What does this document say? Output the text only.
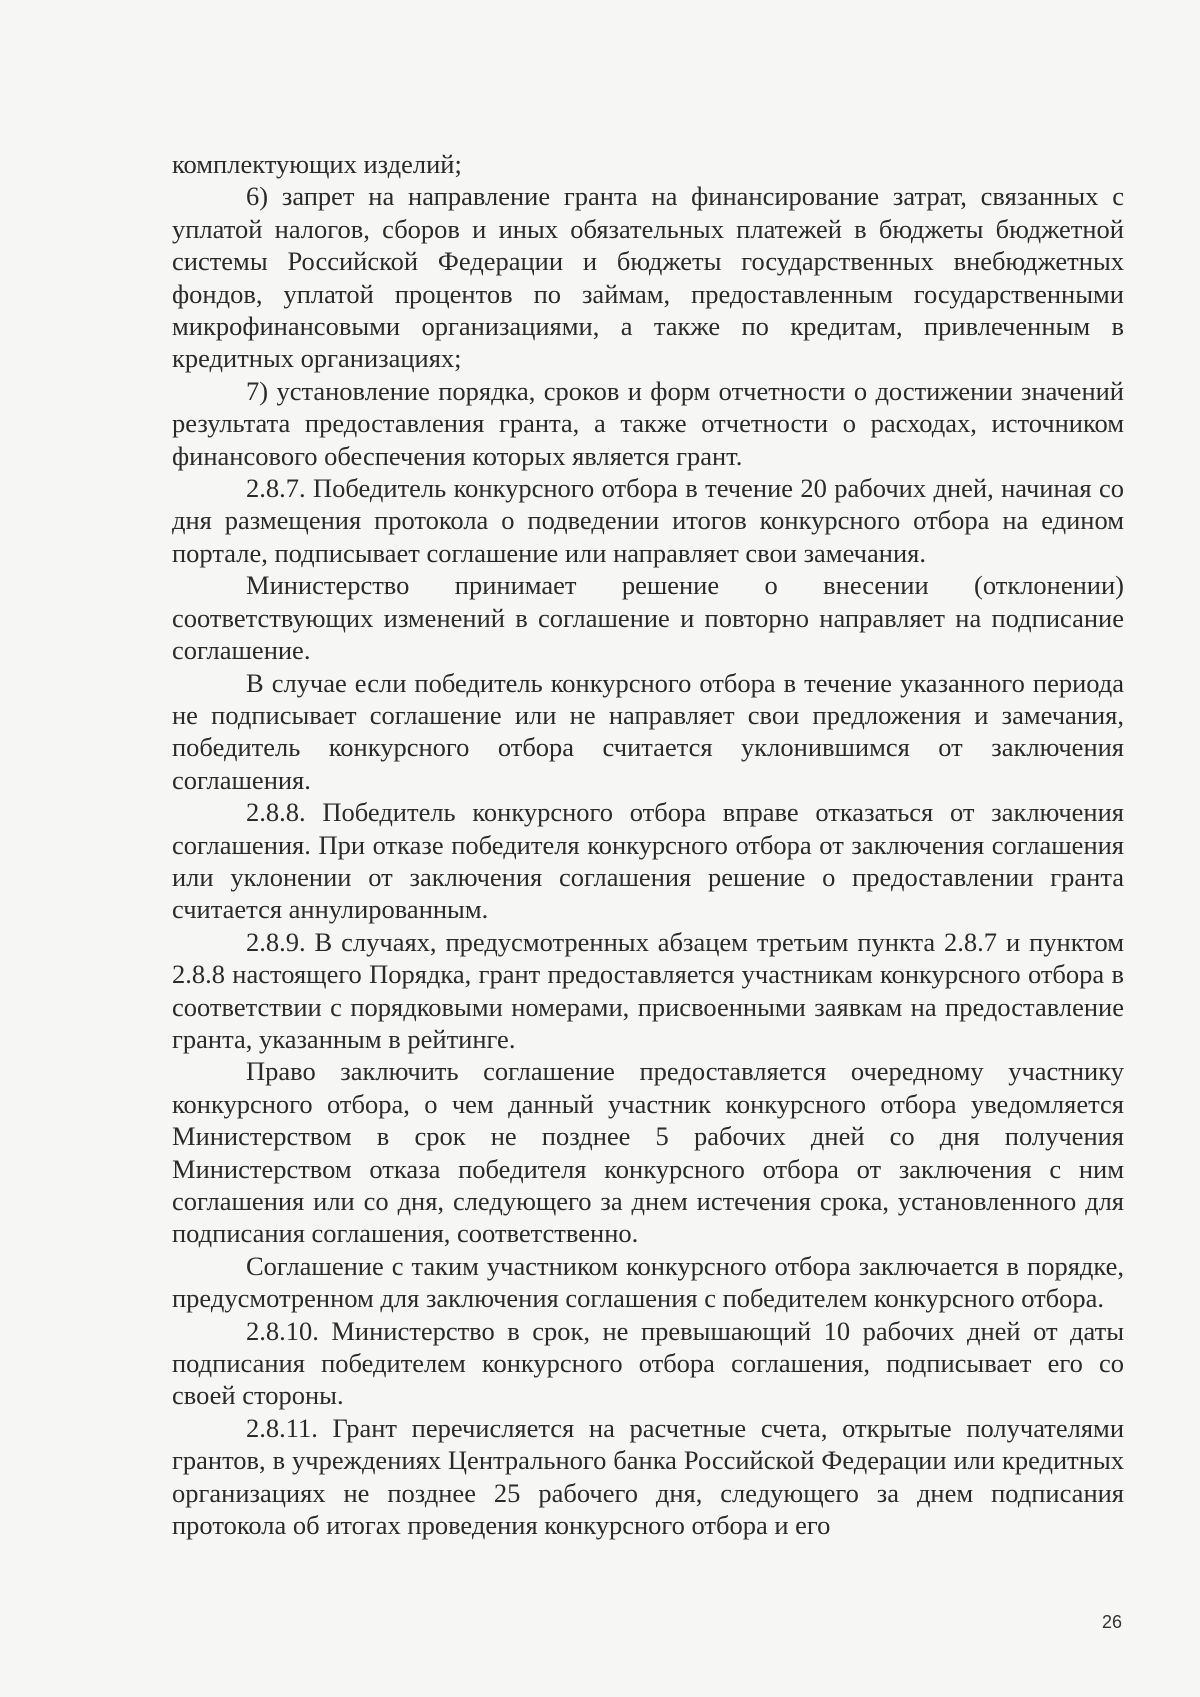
комплектующих изделий;

6) запрет на направление гранта на финансирование затрат, связанных с уплатой налогов, сборов и иных обязательных платежей в бюджеты бюджетной системы Российской Федерации и бюджеты государственных внебюджетных фондов, уплатой процентов по займам, предоставленным государственными микрофинансовыми организациями, а также по кредитам, привлеченным в кредитных организациях;

7) установление порядка, сроков и форм отчетности о достижении значений результата предоставления гранта, а также отчетности о расходах, источником финансового обеспечения которых является грант.

2.8.7. Победитель конкурсного отбора в течение 20 рабочих дней, начиная со дня размещения протокола о подведении итогов конкурсного отбора на едином портале, подписывает соглашение или направляет свои замечания.

Министерство принимает решение о внесении (отклонении) соответствующих изменений в соглашение и повторно направляет на подписание соглашение.

В случае если победитель конкурсного отбора в течение указанного периода не подписывает соглашение или не направляет свои предложения и замечания, победитель конкурсного отбора считается уклонившимся от заключения соглашения.

2.8.8. Победитель конкурсного отбора вправе отказаться от заключения соглашения. При отказе победителя конкурсного отбора от заключения соглашения или уклонении от заключения соглашения решение о предоставлении гранта считается аннулированным.

2.8.9. В случаях, предусмотренных абзацем третьим пункта 2.8.7 и пунктом 2.8.8 настоящего Порядка, грант предоставляется участникам конкурсного отбора в соответствии с порядковыми номерами, присвоенными заявкам на предоставление гранта, указанным в рейтинге.

Право заключить соглашение предоставляется очередному участнику конкурсного отбора, о чем данный участник конкурсного отбора уведомляется Министерством в срок не позднее 5 рабочих дней со дня получения Министерством отказа победителя конкурсного отбора от заключения с ним соглашения или со дня, следующего за днем истечения срока, установленного для подписания соглашения, соответственно.

Соглашение с таким участником конкурсного отбора заключается в порядке, предусмотренном для заключения соглашения с победителем конкурсного отбора.

2.8.10. Министерство в срок, не превышающий 10 рабочих дней от даты подписания победителем конкурсного отбора соглашения, подписывает его со своей стороны.

2.8.11. Грант перечисляется на расчетные счета, открытые получателями грантов, в учреждениях Центрального банка Российской Федерации или кредитных организациях не позднее 25 рабочего дня, следующего за днем подписания протокола об итогах проведения конкурсного отбора и его

26
